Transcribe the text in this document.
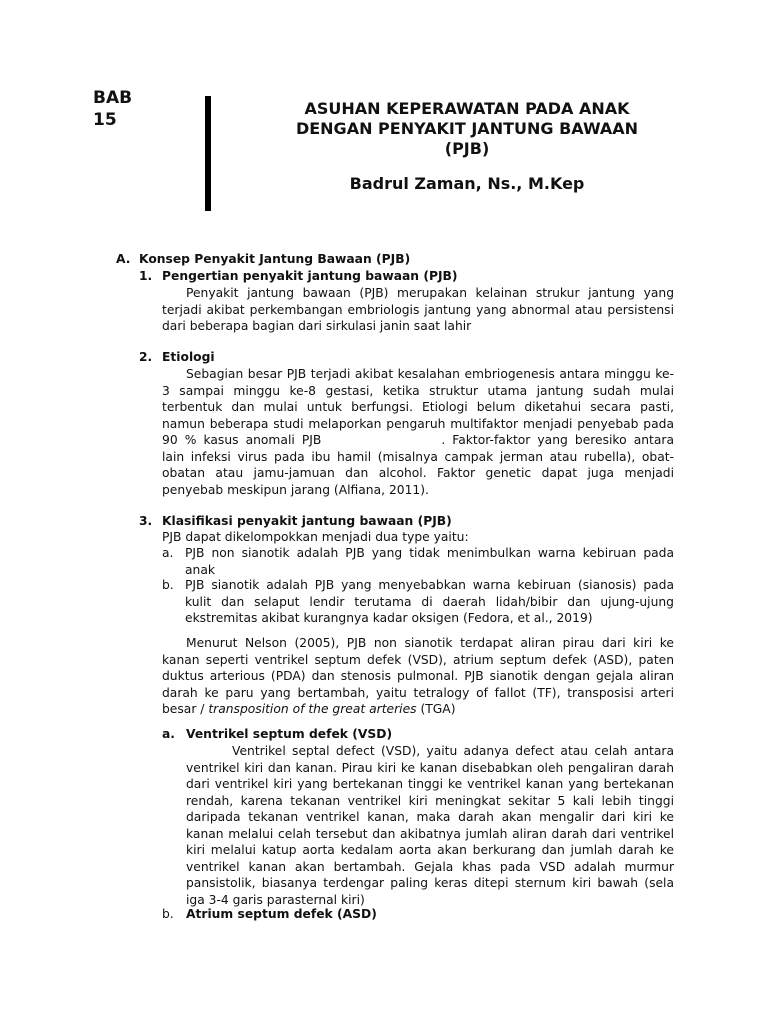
BAB
15
ASUHAN KEPERAWATAN PADA ANAK
DENGAN PENYAKIT JANTUNG BAWAAN
(PJB)
Badrul Zaman, Ns., M.Kep
A. Konsep Penyakit Jantung Bawaan (PJB)
1. Pengertian penyakit jantung bawaan (PJB)
Penyakit jantung bawaan (PJB) merupakan kelainan strukur jantung yang terjadi akibat perkembangan embriologis jantung yang abnormal atau persistensi dari beberapa bagian dari sirkulasi janin saat lahir
2. Etiologi
Sebagian besar PJB terjadi akibat kesalahan embriogenesis antara minggu ke-3 sampai minggu ke-8 gestasi, ketika struktur utama jantung sudah mulai terbentuk dan mulai untuk berfungsi. Etiologi belum diketahui secara pasti, namun beberapa studi melaporkan pengaruh multifaktor menjadi penyebab pada 90 % kasus anomali PJB	. Faktor-faktor yang beresiko antara lain infeksi virus pada ibu hamil (misalnya campak jerman atau rubella), obat-obatan atau jamu-jamuan dan alcohol. Faktor genetic dapat juga menjadi penyebab meskipun jarang (Alfiana, 2011).
3. Klasifikasi penyakit jantung bawaan (PJB)
PJB dapat dikelompokkan menjadi dua type yaitu:
a. PJB non sianotik adalah PJB yang tidak menimbulkan warna kebiruan pada anak
b. PJB sianotik adalah PJB yang menyebabkan warna kebiruan (sianosis) pada kulit dan selaput lendir terutama di daerah lidah/bibir dan ujung-ujung ekstremitas akibat kurangnya kadar oksigen (Fedora, et al., 2019)
Menurut Nelson (2005), PJB non sianotik terdapat aliran pirau dari kiri ke kanan seperti ventrikel septum defek (VSD), atrium septum defek (ASD), paten duktus arterious (PDA) dan stenosis pulmonal. PJB sianotik dengan gejala aliran darah ke paru yang bertambah, yaitu tetralogy of fallot (TF), transposisi arteri besar / transposition of the great arteries (TGA)
a. Ventrikel septum defek (VSD)
Ventrikel septal defect (VSD), yaitu adanya defect atau celah antara ventrikel kiri dan kanan. Pirau kiri ke kanan disebabkan oleh pengaliran darah dari ventrikel kiri yang bertekanan tinggi ke ventrikel kanan yang bertekanan rendah, karena tekanan ventrikel kiri meningkat sekitar 5 kali lebih tinggi daripada tekanan ventrikel kanan, maka darah akan mengalir dari kiri ke kanan melalui celah tersebut dan akibatnya jumlah aliran darah dari ventrikel kiri melalui katup aorta kedalam aorta akan berkurang dan jumlah darah ke ventrikel kanan akan bertambah. Gejala khas pada VSD adalah murmur pansistolik, biasanya terdengar paling keras ditepi sternum kiri bawah (sela iga 3-4 garis parasternal kiri)
b. Atrium septum defek (ASD)
